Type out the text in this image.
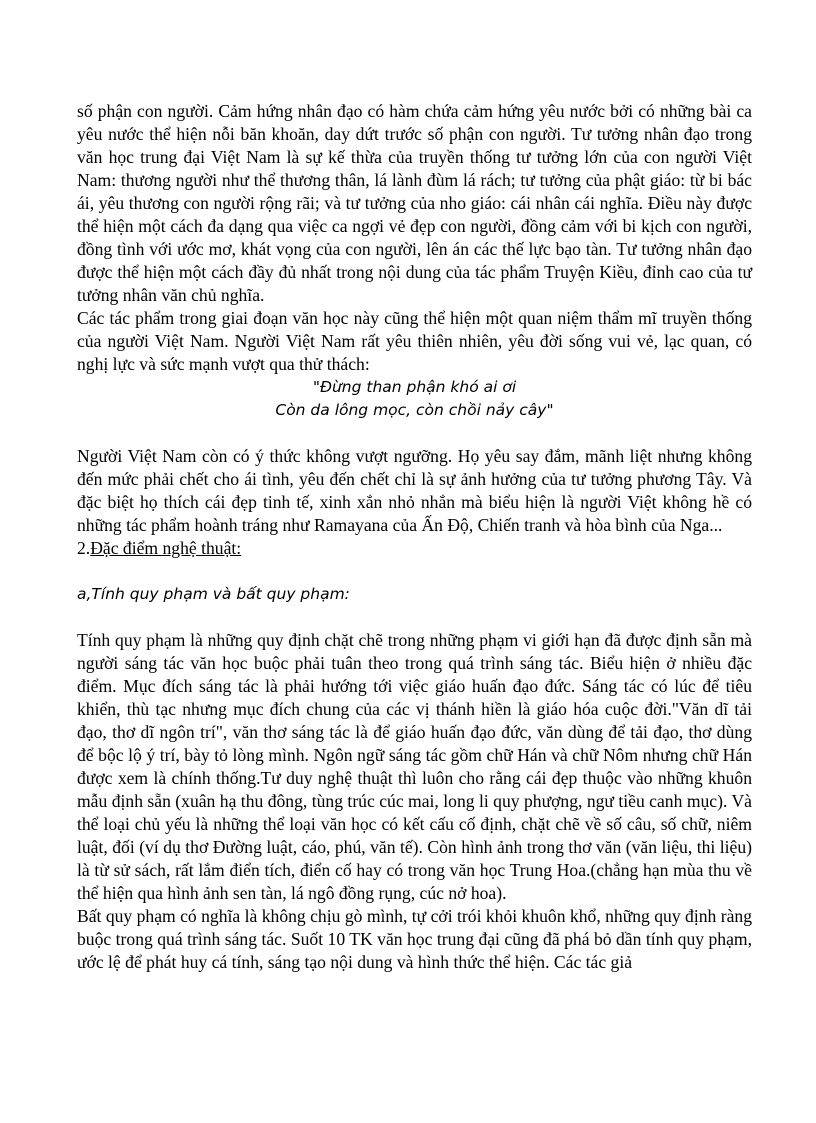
số phận con người. Cảm hứng nhân đạo có hàm chứa cảm hứng yêu nước bởi có những bài ca yêu nước thể hiện nỗi băn khoăn, day dứt trước số phận con người. Tư tưởng nhân đạo trong văn học trung đại Việt Nam là sự kế thừa của truyền thống tư tưởng lớn của con người Việt Nam: thương người như thể thương thân, lá lành đùm lá rách; tư tưởng của phật giáo: từ bi bác ái, yêu thương con người rộng rãi; và tư tưởng của nho giáo: cái nhân cái nghĩa. Điều này được thể hiện một cách đa dạng qua việc ca ngợi vẻ đẹp con người, đồng cảm với bi kịch con người, đồng tình với ước mơ, khát vọng của con người, lên án các thế lực bạo tàn. Tư tưởng nhân đạo được thể hiện một cách đầy đủ nhất trong nội dung của tác phẩm Truyện Kiều, đỉnh cao của tư tưởng nhân văn chủ nghĩa.

Các tác phẩm trong giai đoạn văn học này cũng thể hiện một quan niệm thẩm mĩ truyền thống của người Việt Nam. Người Việt Nam rất yêu thiên nhiên, yêu đời sống vui vẻ, lạc quan, có nghị lực và sức mạnh vượt qua thử thách:

"Đừng than phận khó ai ơi

Còn da lông mọc, còn chồi nảy cây"

Người Việt Nam còn có ý thức không vượt ngưỡng. Họ yêu say đắm, mãnh liệt nhưng không đến mức phải chết cho ái tình, yêu đến chết chỉ là sự ảnh hưởng của tư tưởng phương Tây. Và đặc biệt họ thích cái đẹp tinh tế, xinh xắn nhỏ nhắn mà biểu hiện là người Việt không hề có những tác phẩm hoành tráng như Ramayana của Ấn Độ, Chiến tranh và hòa bình của Nga...

2.Đặc điểm nghệ thuật:

a,Tính quy phạm và bất quy phạm:

Tính quy phạm là những quy định chặt chẽ trong những phạm vi giới hạn đã được định sẵn mà người sáng tác văn học buộc phải tuân theo trong quá trình sáng tác. Biểu hiện ở nhiều đặc điểm. Mục đích sáng tác là phải hướng tới việc giáo huấn đạo đức. Sáng tác có lúc để tiêu khiển, thù tạc nhưng mục đích chung của các vị thánh hiền là giáo hóa cuộc đời."Văn dĩ tải đạo, thơ dĩ ngôn trí", văn thơ sáng tác là để giáo huấn đạo đức, văn dùng để tải đạo, thơ dùng để bộc lộ ý trí, bày tỏ lòng mình. Ngôn ngữ sáng tác gồm chữ Hán và chữ Nôm nhưng chữ Hán được xem là chính thống.Tư duy nghệ thuật thì luôn cho rằng cái đẹp thuộc vào những khuôn mẫu định sẵn (xuân hạ thu đông, tùng trúc cúc mai, long li quy phượng, ngư tiều canh mục). Và thể loại chủ yếu là những thể loại văn học có kết cấu cố định, chặt chẽ về số câu, số chữ, niêm luật, đối (ví dụ thơ Đường luật, cáo, phú, văn tế). Còn hình ảnh trong thơ văn (văn liệu, thi liệu) là từ sử sách, rất lắm điển tích, điển cố hay có trong văn học Trung Hoa.(chẳng hạn mùa thu về thể hiện qua hình ảnh sen tàn, lá ngô đồng rụng, cúc nở hoa).

Bất quy phạm có nghĩa là không chịu gò mình, tự cởi trói khỏi khuôn khổ, những quy định ràng buộc trong quá trình sáng tác. Suốt 10 TK văn học trung đại cũng đã phá bỏ dần tính quy phạm, ước lệ để phát huy cá tính, sáng tạo nội dung và hình thức thể hiện. Các tác giả
